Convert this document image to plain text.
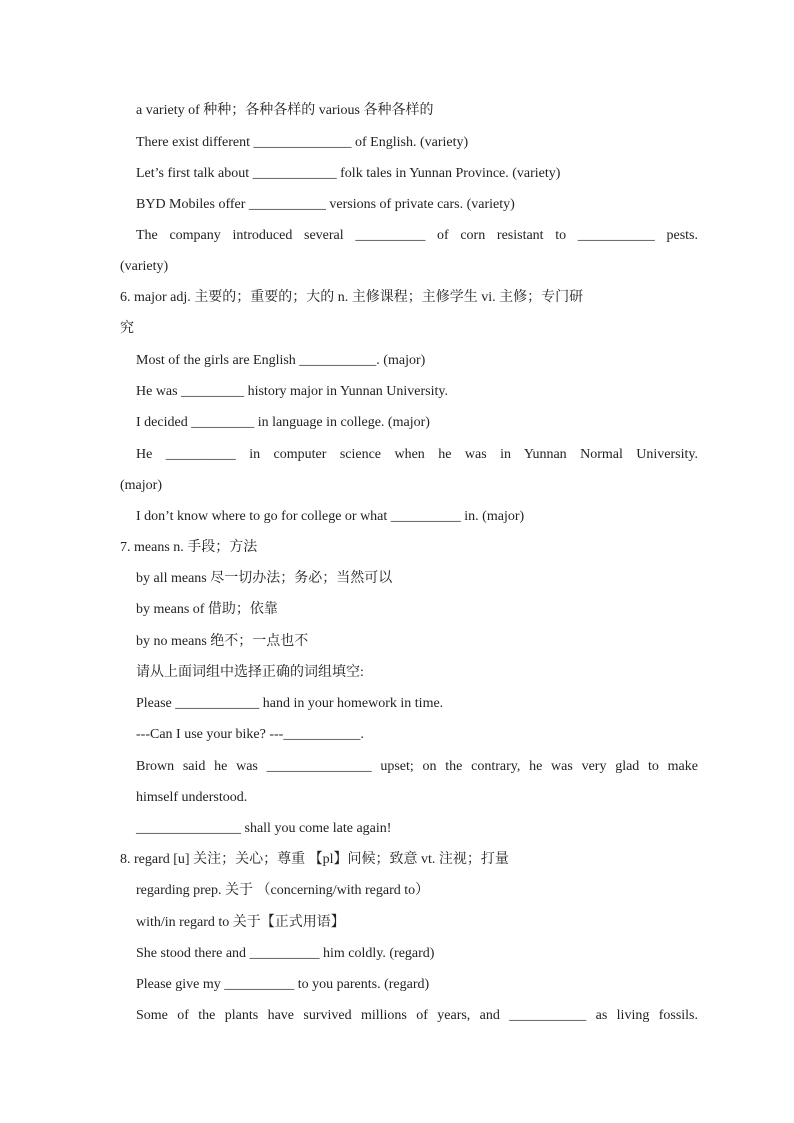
a variety of 种种；各种各样的 various 各种各样的
There exist different ______________ of English. (variety)
Let’s first talk about ____________ folk tales in Yunnan Province. (variety)
BYD Mobiles offer ___________ versions of private cars. (variety)
The company introduced several __________ of corn resistant to ___________ pests.
(variety)
6. major adj. 主要的；重要的；大的 n. 主修课程；主修学生 vi. 主修；专门研
究
Most of the girls are English ___________. (major)
He was _________ history major in Yunnan University.
I decided _________ in language in college. (major)
He __________ in computer science when he was in Yunnan Normal University.
(major)
I don’t know where to go for college or what __________ in. (major)
7. means n. 手段；方法
by all means 尽一切办法；务必；当然可以
by means of 借助；依靠
by no means 绝不；一点也不
请从上面词组中选择正确的词组填空:
Please ____________ hand in your homework in time.
---Can I use your bike? ---___________.
Brown said he was _______________ upset; on the contrary, he was very glad to make
himself understood.
_______________ shall you come late again!
8. regard [u] 关注；关心；尊重 【pl】问候；致意 vt. 注视；打量
regarding prep. 关于 （concerning/with regard to）
with/in regard to 关于【正式用语】
She stood there and __________ him coldly. (regard)
Please give my __________ to you parents. (regard)
Some of the plants have survived millions of years, and ___________ as living fossils.
